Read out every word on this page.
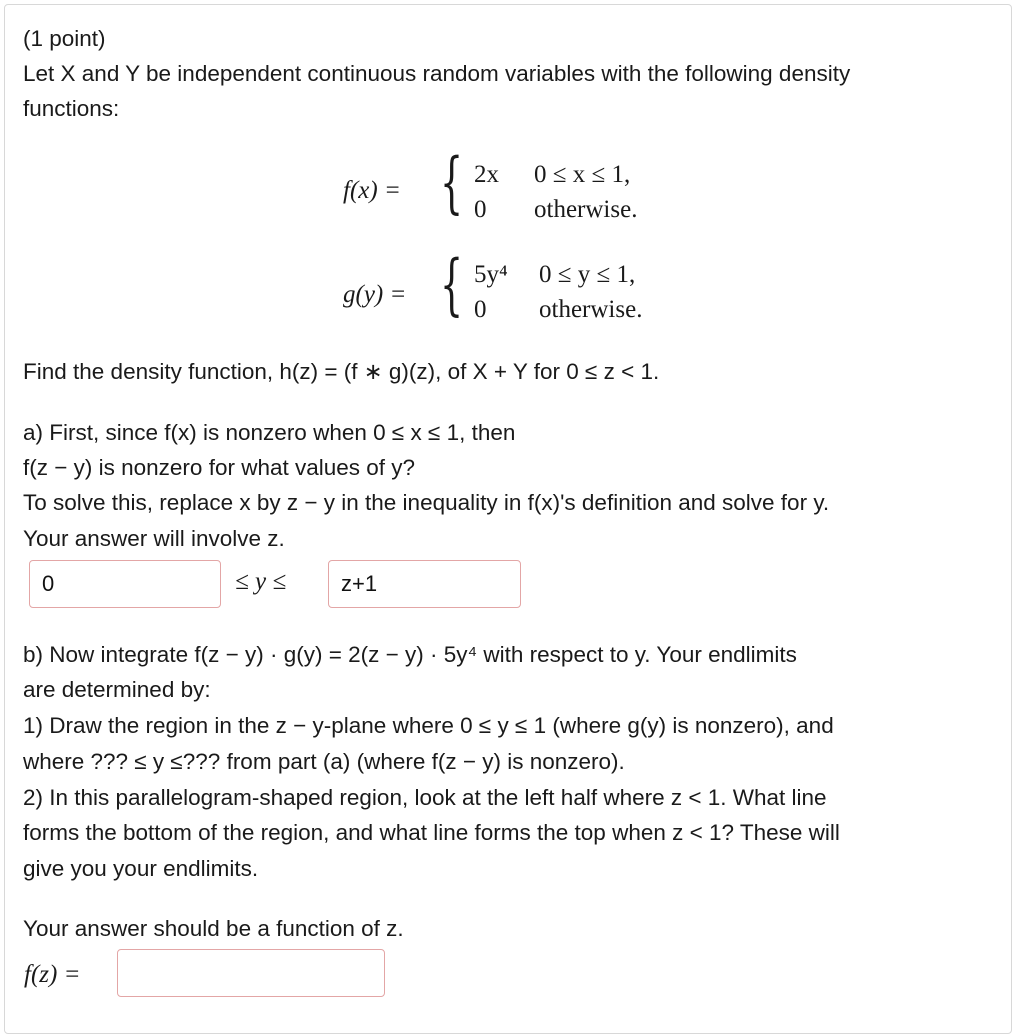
(1 point)
Let X and Y be independent continuous random variables with the following density
functions:
f(x) = { 2x 0 ≤ x ≤ 1,
0 otherwise.
g(y) = { 5y⁴ 0 ≤ y ≤ 1,
0 otherwise.
Find the density function, h(z) = (f ∗ g)(z), of X + Y for 0 ≤ z < 1.
a) First, since f(x) is nonzero when 0 ≤ x ≤ 1, then
f(z − y) is nonzero for what values of y?
To solve this, replace x by z − y in the inequality in f(x)'s definition and solve for y.
Your answer will involve z.
0	≤ y ≤	z+1
b) Now integrate f(z − y) · g(y) = 2(z − y) · 5y⁴ with respect to y. Your endlimits
are determined by:
1) Draw the region in the z − y-plane where 0 ≤ y ≤ 1 (where g(y) is nonzero), and
where ??? ≤ y ≤??? from part (a) (where f(z − y) is nonzero).
2) In this parallelogram-shaped region, look at the left half where z < 1. What line
forms the bottom of the region, and what line forms the top when z < 1? These will
give you your endlimits.
Your answer should be a function of z.
f(z) =
